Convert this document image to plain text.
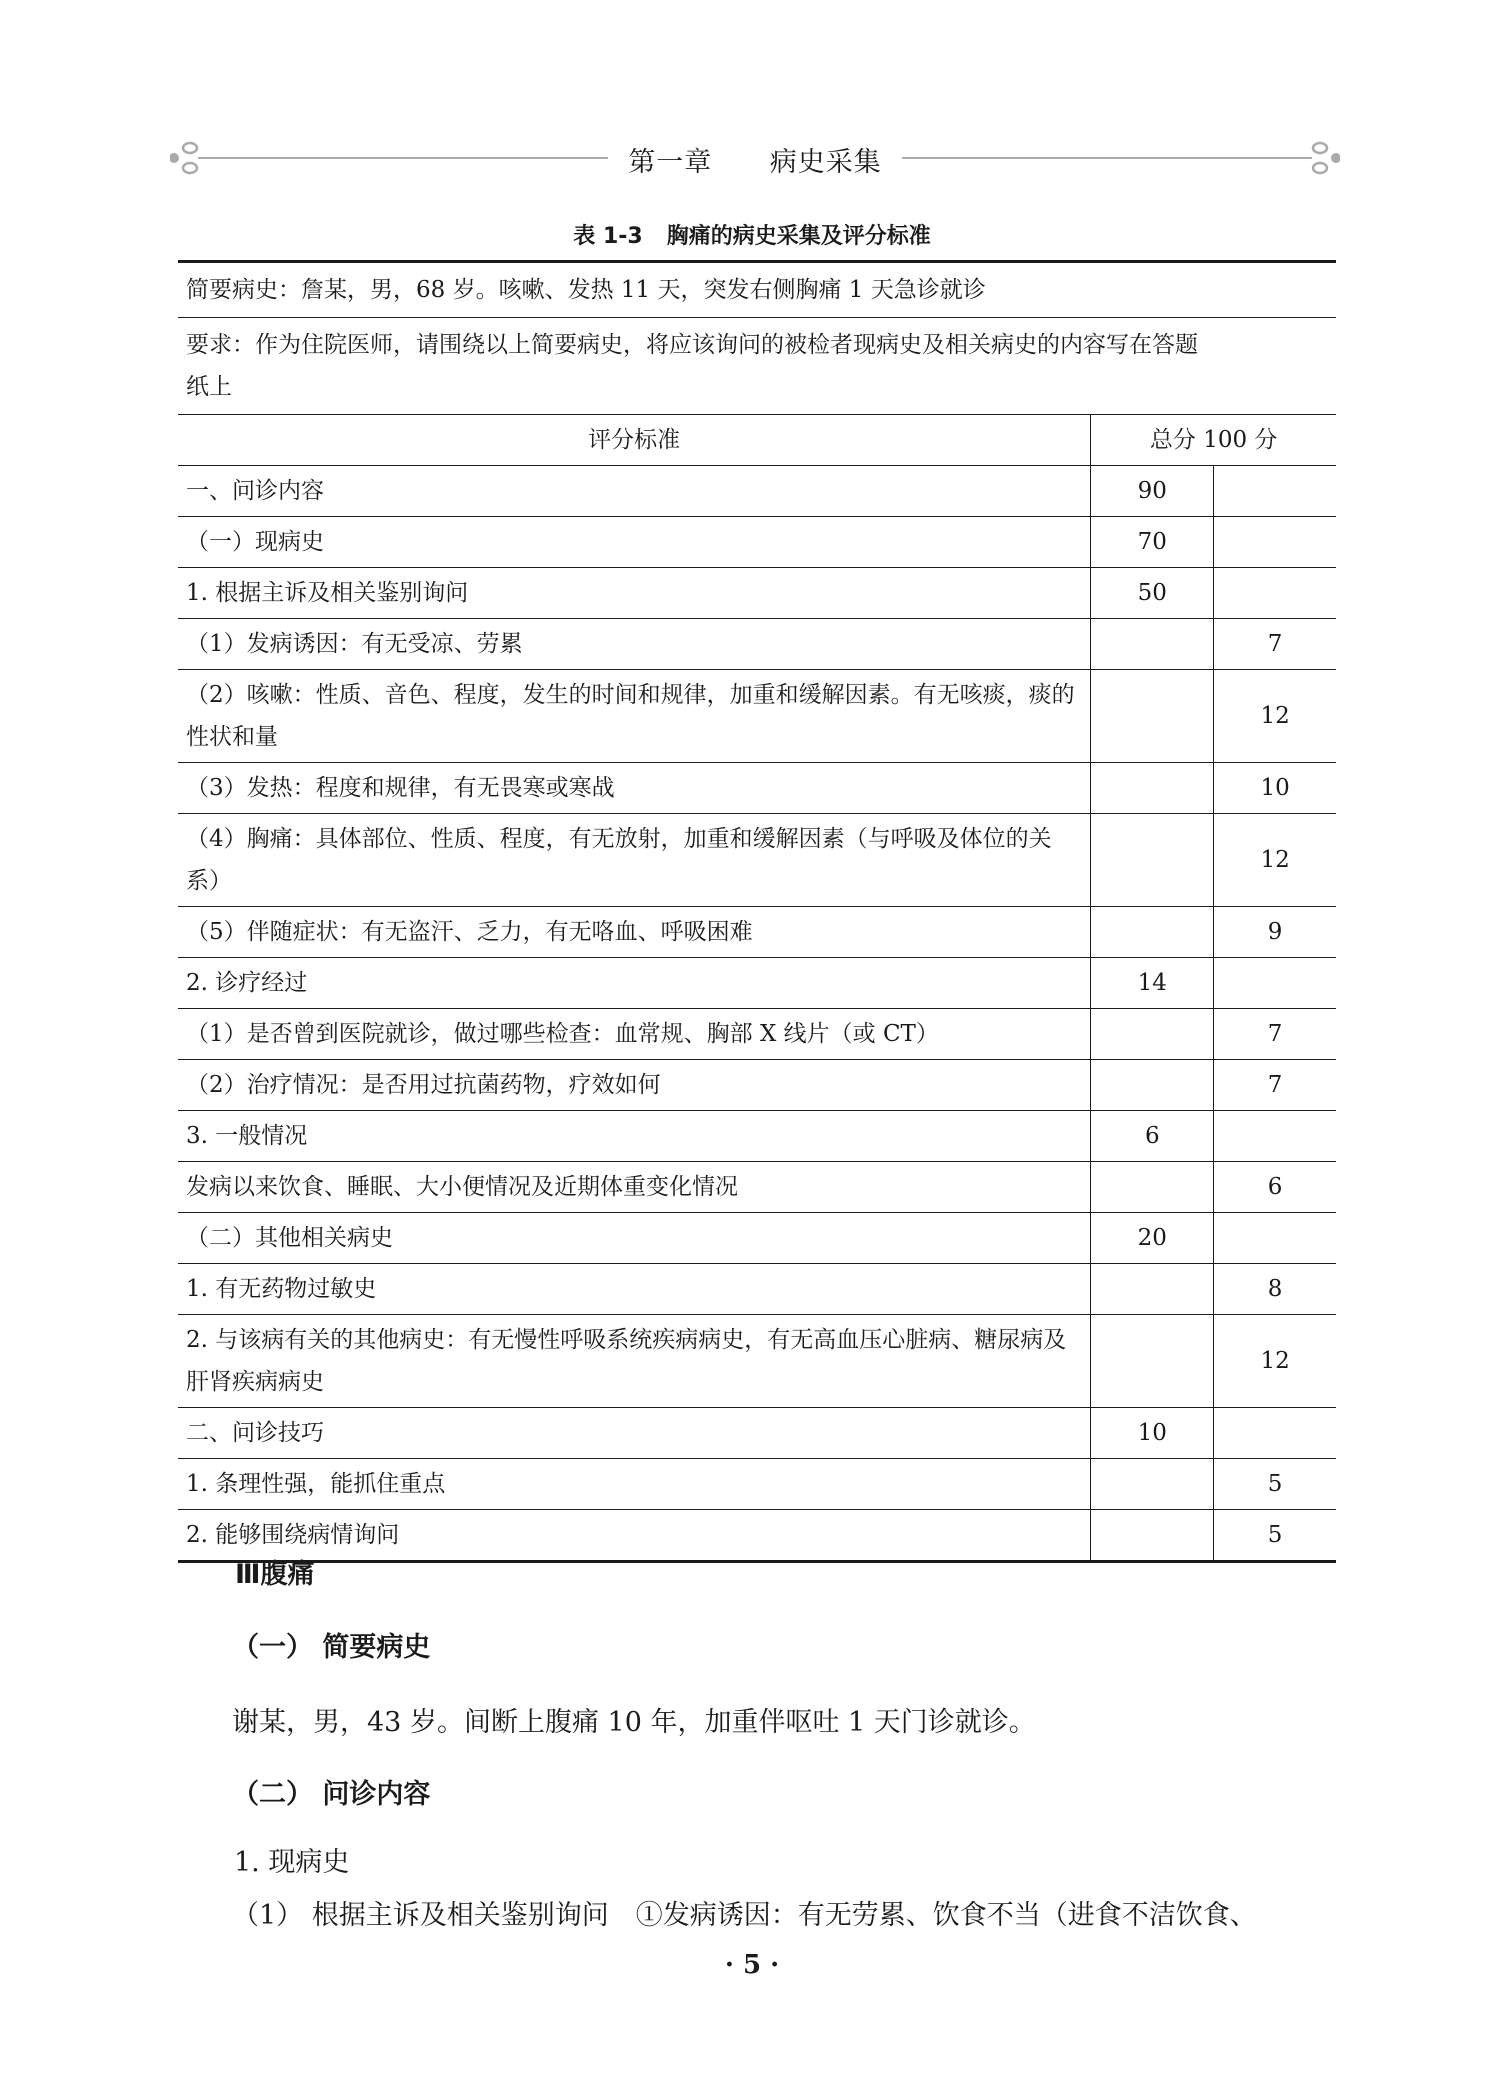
第一章　 病史采集
表 1-3 胸痛的病史采集及评分标准
简要病史：詹某，男，68 岁。咳嗽、发热 11 天，突发右侧胸痛 1 天急诊就诊		
要求：作为住院医师，请围绕以上简要病史，将应该询问的被检者现病史及相关病史的内容写在答题
纸上		
评分标准	总分 100 分	
一、问诊内容	90	
（一）现病史	70	
1. 根据主诉及相关鉴别询问	50	
（1）发病诱因：有无受凉、劳累		7
（2）咳嗽：性质、音色、程度，发生的时间和规律，加重和缓解因素。有无咳痰，痰的性状和量		12
（3）发热：程度和规律，有无畏寒或寒战		10
（4）胸痛：具体部位、性质、程度，有无放射，加重和缓解因素（与呼吸及体位的关系）		12
（5）伴随症状：有无盗汗、乏力，有无咯血、呼吸困难		9
2. 诊疗经过	14	
（1）是否曾到医院就诊，做过哪些检查：血常规、胸部 X 线片（或 CT）		7
（2）治疗情况：是否用过抗菌药物，疗效如何		7
3. 一般情况	6	
发病以来饮食、睡眠、大小便情况及近期体重变化情况		6
（二）其他相关病史	20	
1. 有无药物过敏史		8
2. 与该病有关的其他病史：有无慢性呼吸系统疾病病史，有无高血压心脏病、糖尿病及肝肾疾病病史		12
二、问诊技巧	10	
1. 条理性强，能抓住重点		5
2. 能够围绕病情询问		5
Ⅲ腹痛
（一） 简要病史
谢某，男，43 岁。间断上腹痛 10 年，加重伴呕吐 1 天门诊就诊。
（二） 问诊内容
1. 现病史
（1） 根据主诉及相关鉴别询问　①发病诱因：有无劳累、饮食不当（进食不洁饮食、
· 5 ·
